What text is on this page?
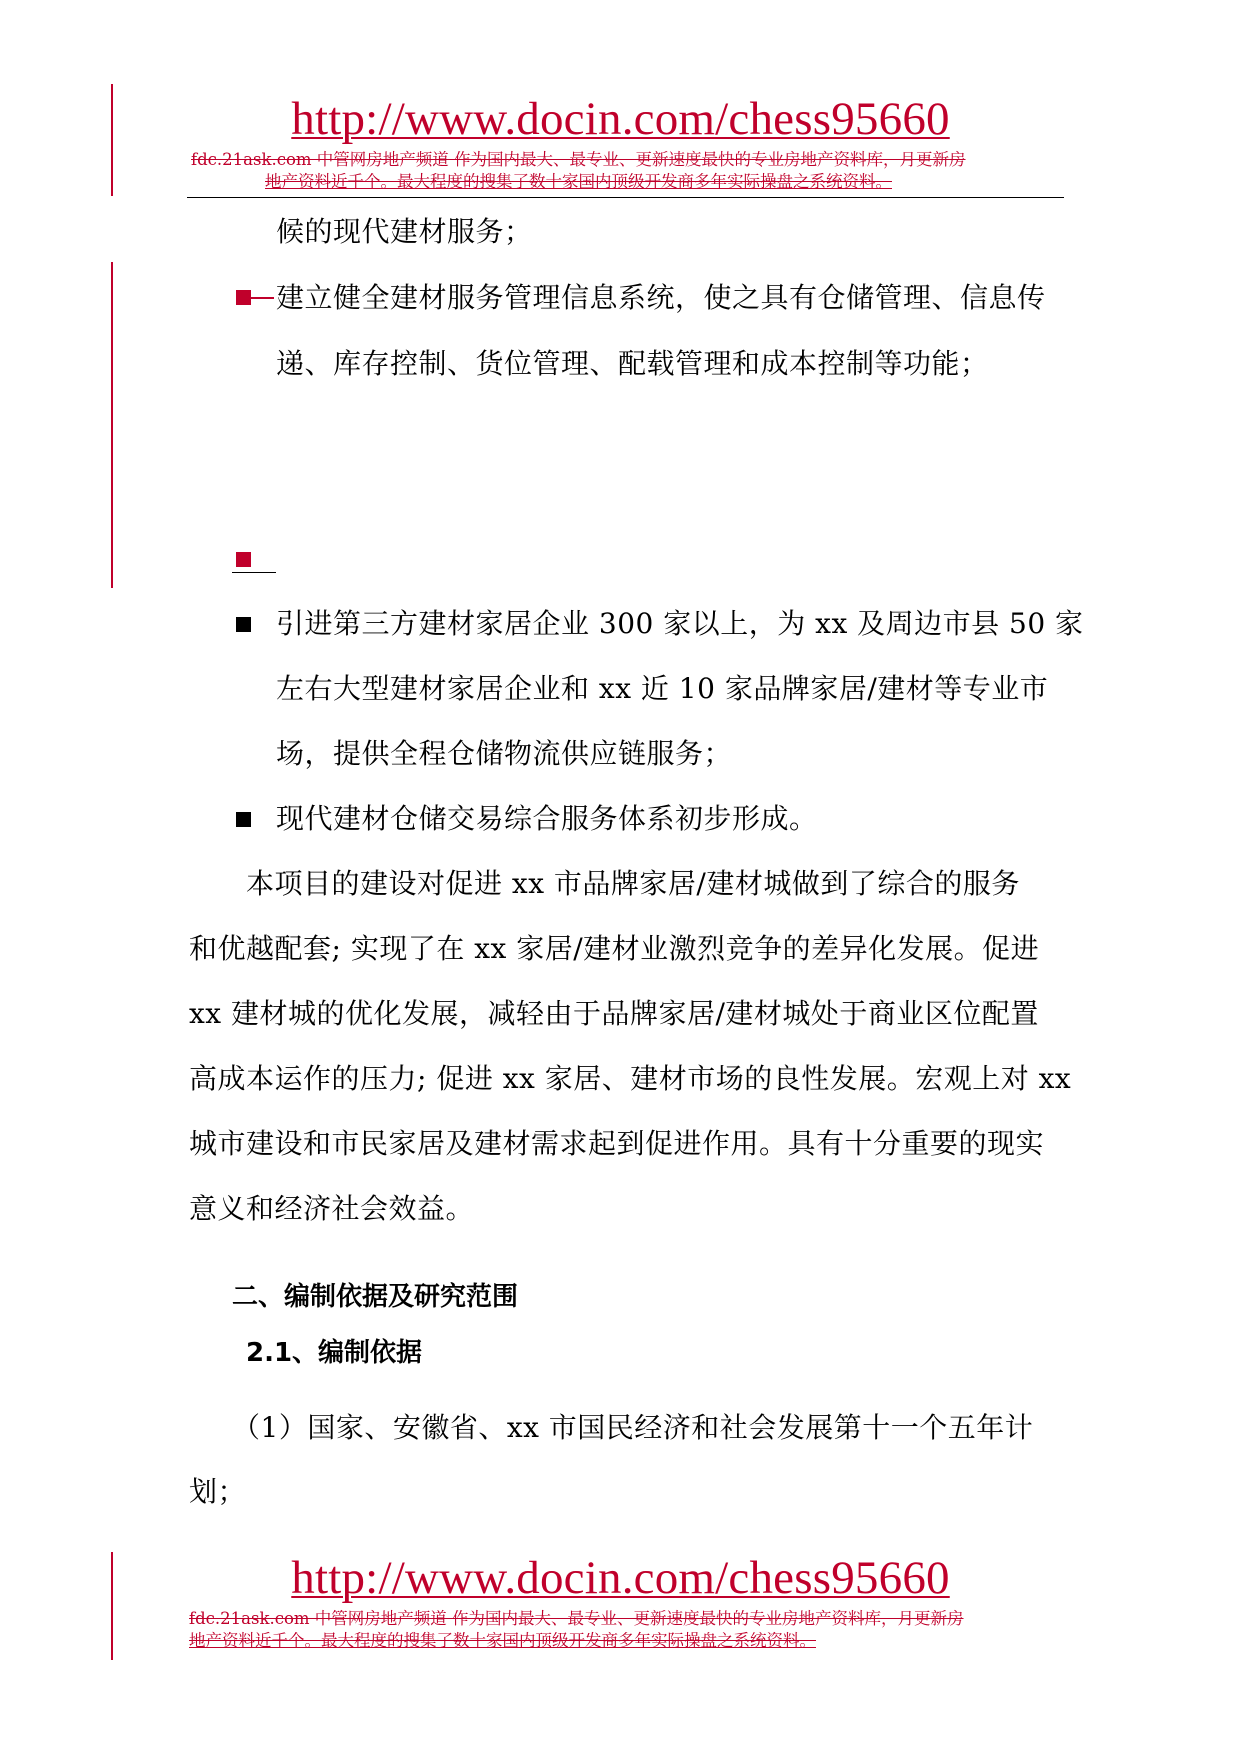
http://www.docin.com/chess95660
fdc.21ask.com 中管网房地产频道 作为国内最大、最专业、更新速度最快的专业房地产资料库，月更新房
地产资料近千个。最大程度的搜集了数十家国内顶级开发商多年实际操盘之系统资料。
候的现代建材服务；
建立健全建材服务管理信息系统，使之具有仓储管理、信息传
递、库存控制、货位管理、配载管理和成本控制等功能；
引进第三方建材家居企业 300 家以上，为 xx 及周边市县 50 家
左右大型建材家居企业和 xx 近 10 家品牌家居/建材等专业市
场，提供全程仓储物流供应链服务；
现代建材仓储交易综合服务体系初步形成。
本项目的建设对促进 xx 市品牌家居/建材城做到了综合的服务
和优越配套; 实现了在 xx 家居/建材业激烈竞争的差异化发展。促进
xx 建材城的优化发展，减轻由于品牌家居/建材城处于商业区位配置
高成本运作的压力; 促进 xx 家居、建材市场的良性发展。宏观上对 xx
城市建设和市民家居及建材需求起到促进作用。具有十分重要的现实
意义和经济社会效益。
二、编制依据及研究范围
2.1、编制依据
（1）国家、安徽省、xx 市国民经济和社会发展第十一个五年计
划；
http://www.docin.com/chess95660
fdc.21ask.com 中管网房地产频道 作为国内最大、最专业、更新速度最快的专业房地产资料库，月更新房
地产资料近千个。最大程度的搜集了数十家国内顶级开发商多年实际操盘之系统资料。
